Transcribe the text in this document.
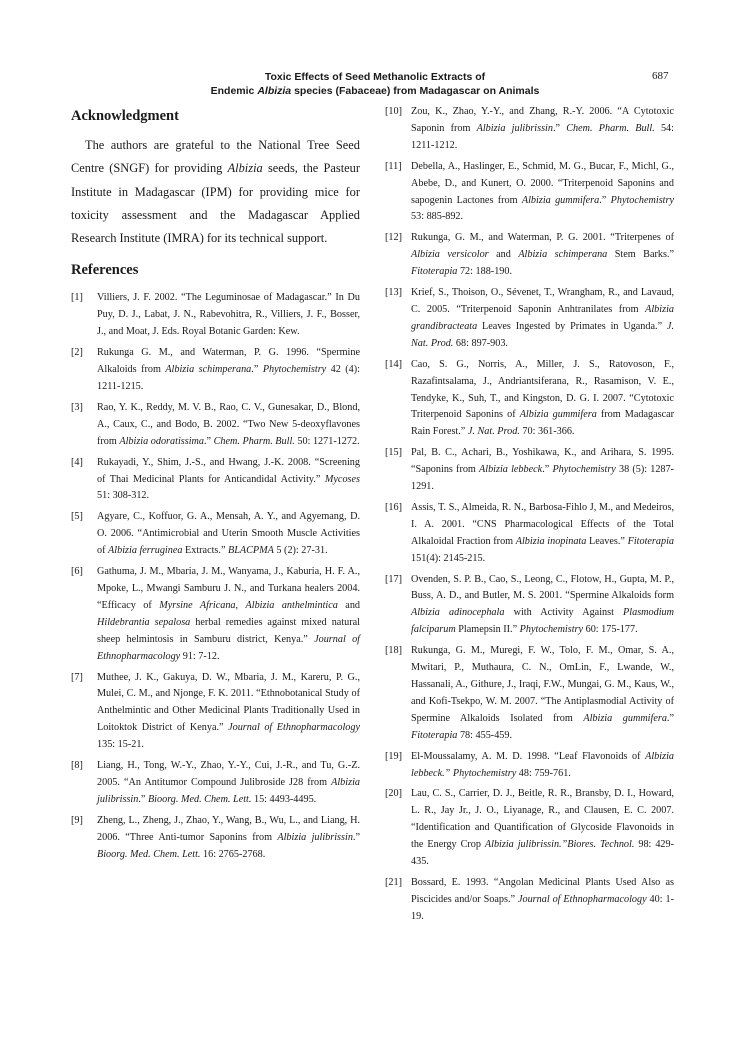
Toxic Effects of Seed Methanolic Extracts of
Endemic Albizia species (Fabaceae) from Madagascar on Animals
687
Acknowledgment

The authors are grateful to the National Tree Seed Centre (SNGF) for providing Albizia seeds, the Pasteur Institute in Madagascar (IPM) for providing mice for toxicity assessment and the Madagascar Applied Research Institute (IMRA) for its technical support.

References
[1] Villiers, J. F. 2002. “The Leguminosae of Madagascar.” In Du Puy, D. J., Labat, J. N., Rabevohitra, R., Villiers, J. F., Bosser, J., and Moat, J. Eds. Royal Botanic Garden: Kew.
[2] Rukunga G. M., and Waterman, P. G. 1996. “Spermine Alkaloids from Albizia schimperana.” Phytochemistry 42 (4): 1211-1215.
[3] Rao, Y. K., Reddy, M. V. B., Rao, C. V., Gunesakar, D., Blond, A., Caux, C., and Bodo, B. 2002. “Two New 5-deoxyflavones from Albizia odoratissima.” Chem. Pharm. Bull. 50: 1271-1272.
[4] Rukayadi, Y., Shim, J.-S., and Hwang, J.-K. 2008. “Screening of Thai Medicinal Plants for Anticandidal Activity.” Mycoses 51: 308-312.
[5] Agyare, C., Koffuor, G. A., Mensah, A. Y., and Agyemang, D. O. 2006. “Antimicrobial and Uterin Smooth Muscle Activities of Albizia ferruginea Extracts.” BLACPMA 5 (2): 27-31.
[6] Gathuma, J. M., Mbaria, J. M., Wanyama, J., Kaburia, H. F. A., Mpoke, L., Mwangi Samburu J. N., and Turkana healers 2004. “Efficacy of Myrsine Africana, Albizia anthelmintica and Hildebrantia sepalosa herbal remedies against mixed natural sheep helmintosis in Samburu district, Kenya.” Journal of Ethnopharmacology 91: 7-12.
[7] Muthee, J. K., Gakuya, D. W., Mbaria, J. M., Kareru, P. G., Mulei, C. M., and Njonge, F. K. 2011. “Ethnobotanical Study of Anthelmintic and Other Medicinal Plants Traditionally Used in Loitoktok District of Kenya.” Journal of Ethnopharmacology 135: 15-21.
[8] Liang, H., Tong, W.-Y., Zhao, Y.-Y., Cui, J.-R., and Tu, G.-Z. 2005. “An Antitumor Compound Julibroside J28 from Albizia julibrissin.” Bioorg. Med. Chem. Lett. 15: 4493-4495.
[9] Zheng, L., Zheng, J., Zhao, Y., Wang, B., Wu, L., and Liang, H. 2006. “Three Anti-tumor Saponins from Albizia julibrissin.” Bioorg. Med. Chem. Lett. 16: 2765-2768.
[10] Zou, K., Zhao, Y.-Y., and Zhang, R.-Y. 2006. “A Cytotoxic Saponin from Albizia julibrissin.” Chem. Pharm. Bull. 54: 1211-1212.
[11] Debella, A., Haslinger, E., Schmid, M. G., Bucar, F., Michl, G., Abebe, D., and Kunert, O. 2000. “Triterpenoid Saponins and sapogenin Lactones from Albizia gummifera.” Phytochemistry 53: 885-892.
[12] Rukunga, G. M., and Waterman, P. G. 2001. “Triterpenes of Albizia versicolor and Albizia schimperana Stem Barks.” Fitoterapia 72: 188-190.
[13] Krief, S., Thoison, O., Sévenet, T., Wrangham, R., and Lavaud, C. 2005. “Triterpenoid Saponin Anhtranilates from Albizia grandibracteata Leaves Ingested by Primates in Uganda.” J. Nat. Prod. 68: 897-903.
[14] Cao, S. G., Norris, A., Miller, J. S., Ratovoson, F., Razafintsalama, J., Andriantsiferana, R., Rasamison, V. E., Tendyke, K., Suh, T., and Kingston, D. G. I. 2007. “Cytotoxic Triterpenoid Saponins of Albizia gummifera from Madagascar Rain Forest.” J. Nat. Prod. 70: 361-366.
[15] Pal, B. C., Achari, B., Yoshikawa, K., and Arihara, S. 1995. “Saponins from Albizia lebbeck.” Phytochemistry 38 (5): 1287-1291.
[16] Assis, T. S., Almeida, R. N., Barbosa-Fihlo J, M., and Medeiros, I. A. 2001. “CNS Pharmacological Effects of the Total Alkaloidal Fraction from Albizia inopinata Leaves.” Fitoterapia 151(4): 2145-215.
[17] Ovenden, S. P. B., Cao, S., Leong, C., Flotow, H., Gupta, M. P., Buss, A. D., and Butler, M. S. 2001. “Spermine Alkaloids form Albizia adinocephala with Activity Against Plasmodium falciparum Plamepsin II.” Phytochemistry 60: 175-177.
[18] Rukunga, G. M., Muregi, F. W., Tolo, F. M., Omar, S. A., Mwitari, P., Muthaura, C. N., OmLin, F., Lwande, W., Hassanali, A., Githure, J., Iraqi, F.W., Mungai, G. M., Kaus, W., and Kofi-Tsekpo, W. M. 2007. “The Antiplasmodial Activity of Spermine Alkaloids Isolated from Albizia gummifera.” Fitoterapia 78: 455-459.
[19] El-Moussalamy, A. M. D. 1998. “Leaf Flavonoids of Albizia lebbeck.” Phytochemistry 48: 759-761.
[20] Lau, C. S., Carrier, D. J., Beitle, R. R., Bransby, D. I., Howard, L. R., Jay Jr., J. O., Liyanage, R., and Clausen, E. C. 2007. “Identification and Quantification of Glycoside Flavonoids in the Energy Crop Albizia julibrissin.”Biores. Technol. 98: 429-435.
[21] Bossard, E. 1993. “Angolan Medicinal Plants Used Also as Piscicides and/or Soaps.” Journal of Ethnopharmacology 40: 1-19.
